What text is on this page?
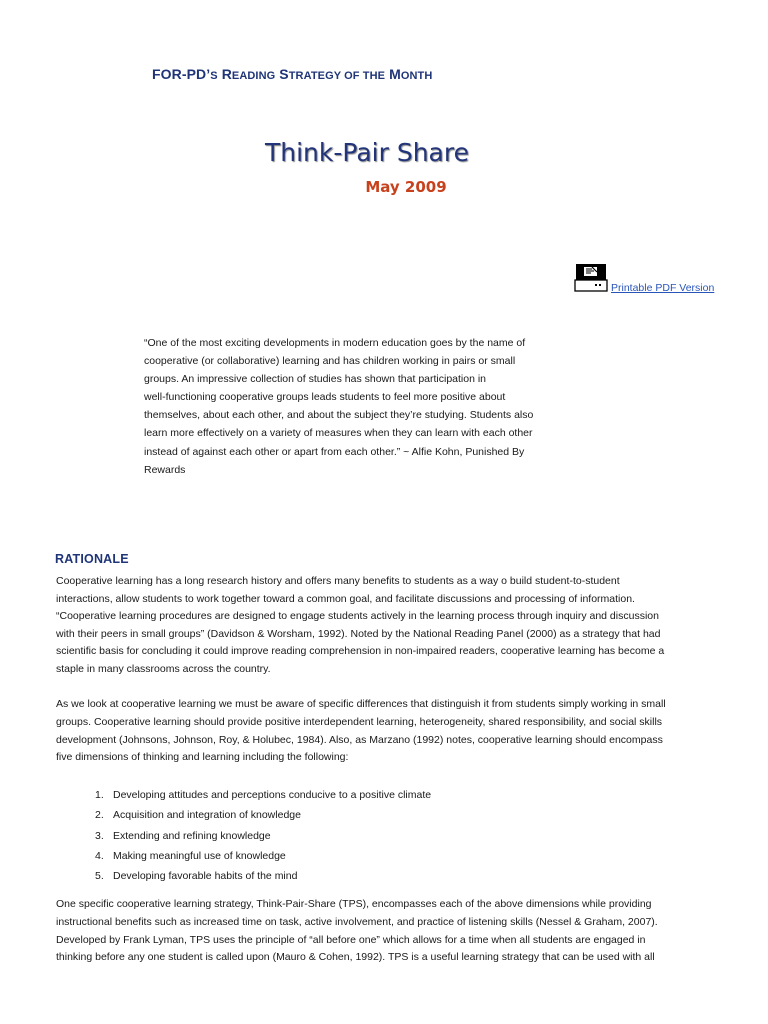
FOR-PD’S READING STRATEGY OF THE MONTH
Think-Pair Share
May 2009
Printable PDF Version
“One of the most exciting developments in modern education goes by the name of
cooperative (or collaborative) learning and has children working in pairs or small
groups. An impressive collection of studies has shown that participation in
well-functioning cooperative groups leads students to feel more positive about
themselves, about each other, and about the subject they’re studying. Students also
learn more effectively on a variety of measures when they can learn with each other
instead of against each other or apart from each other.” ~ Alfie Kohn, Punished By
Rewards
RATIONALE
Cooperative learning has a long research history and offers many benefits to students as a way o build student-to-student
interactions, allow students to work together toward a common goal, and facilitate discussions and processing of information.
“Cooperative learning procedures are designed to engage students actively in the learning process through inquiry and discussion
with their peers in small groups” (Davidson & Worsham, 1992). Noted by the National Reading Panel (2000) as a strategy that had
scientific basis for concluding it could improve reading comprehension in non-impaired readers, cooperative learning has become a
staple in many classrooms across the country.
As we look at cooperative learning we must be aware of specific differences that distinguish it from students simply working in small
groups. Cooperative learning should provide positive interdependent learning, heterogeneity, shared responsibility, and social skills
development (Johnsons, Johnson, Roy, & Holubec, 1984). Also, as Marzano (1992) notes, cooperative learning should encompass
five dimensions of thinking and learning including the following:
1. Developing attitudes and perceptions conducive to a positive climate
2. Acquisition and integration of knowledge
3. Extending and refining knowledge
4. Making meaningful use of knowledge
5. Developing favorable habits of the mind
One specific cooperative learning strategy, Think-Pair-Share (TPS), encompasses each of the above dimensions while providing
instructional benefits such as increased time on task, active involvement, and practice of listening skills (Nessel & Graham, 2007).
Developed by Frank Lyman, TPS uses the principle of “all before one” which allows for a time when all students are engaged in
thinking before any one student is called upon (Mauro & Cohen, 1992). TPS is a useful learning strategy that can be used with all
